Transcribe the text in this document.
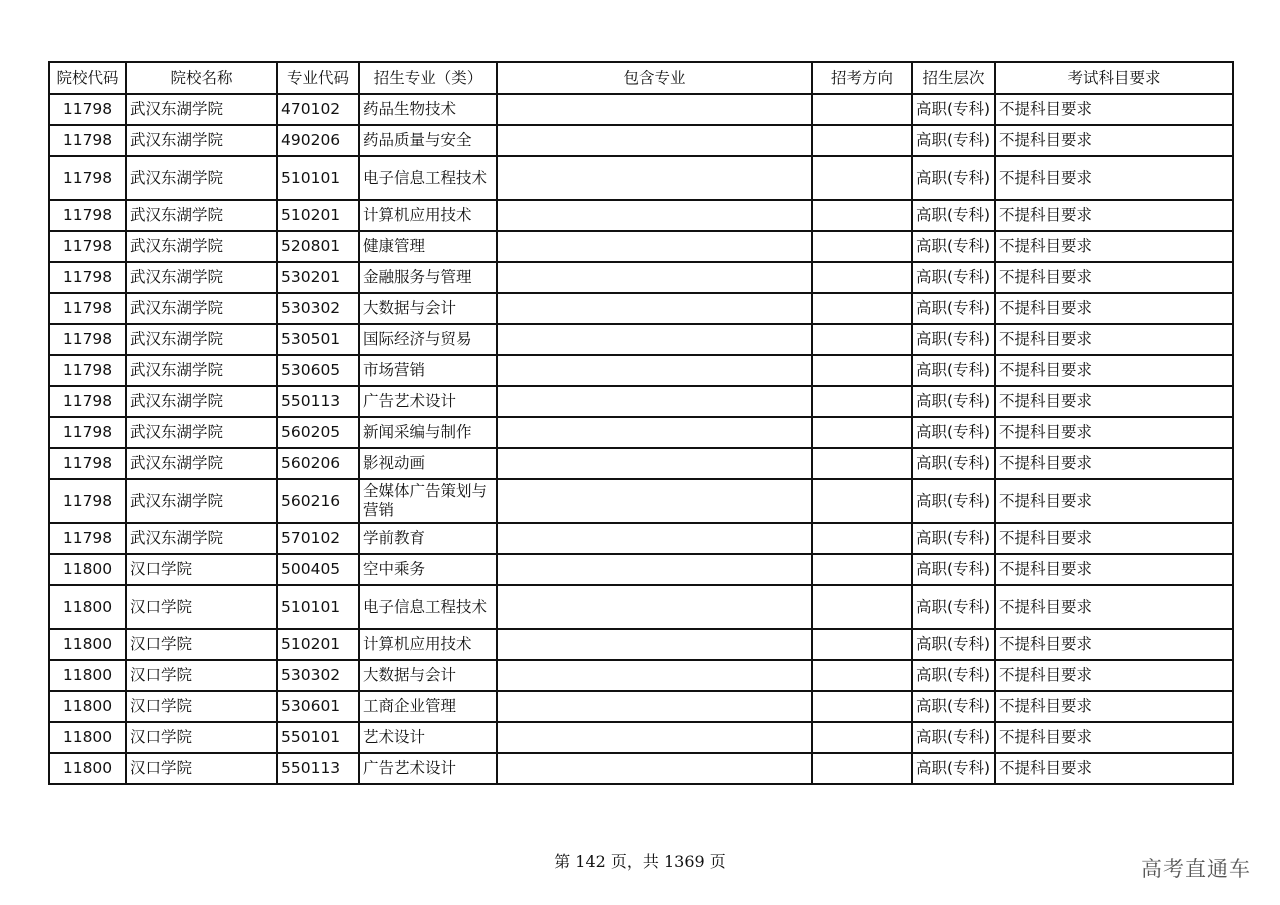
院校代码	院校名称	专业代码	招生专业（类）	包含专业	招考方向	招生层次	考试科目要求
11798	武汉东湖学院	470102	药品生物技术			高职(专科)	不提科目要求
11798	武汉东湖学院	490206	药品质量与安全			高职(专科)	不提科目要求
11798	武汉东湖学院	510101	电子信息工程技术			高职(专科)	不提科目要求
11798	武汉东湖学院	510201	计算机应用技术			高职(专科)	不提科目要求
11798	武汉东湖学院	520801	健康管理			高职(专科)	不提科目要求
11798	武汉东湖学院	530201	金融服务与管理			高职(专科)	不提科目要求
11798	武汉东湖学院	530302	大数据与会计			高职(专科)	不提科目要求
11798	武汉东湖学院	530501	国际经济与贸易			高职(专科)	不提科目要求
11798	武汉东湖学院	530605	市场营销			高职(专科)	不提科目要求
11798	武汉东湖学院	550113	广告艺术设计			高职(专科)	不提科目要求
11798	武汉东湖学院	560205	新闻采编与制作			高职(专科)	不提科目要求
11798	武汉东湖学院	560206	影视动画			高职(专科)	不提科目要求
11798	武汉东湖学院	560216	全媒体广告策划与营销			高职(专科)	不提科目要求
11798	武汉东湖学院	570102	学前教育			高职(专科)	不提科目要求
11800	汉口学院	500405	空中乘务			高职(专科)	不提科目要求
11800	汉口学院	510101	电子信息工程技术			高职(专科)	不提科目要求
11800	汉口学院	510201	计算机应用技术			高职(专科)	不提科目要求
11800	汉口学院	530302	大数据与会计			高职(专科)	不提科目要求
11800	汉口学院	530601	工商企业管理			高职(专科)	不提科目要求
11800	汉口学院	550101	艺术设计			高职(专科)	不提科目要求
11800	汉口学院	550113	广告艺术设计			高职(专科)	不提科目要求
第 142 页，共 1369 页	高考直通车
